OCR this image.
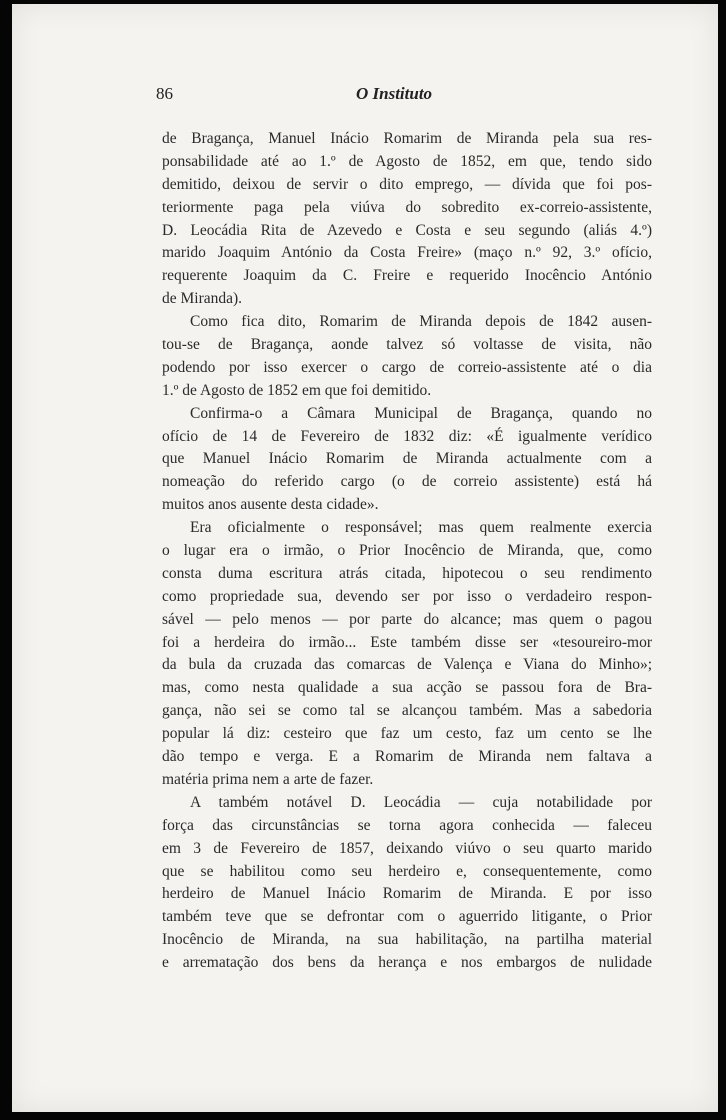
86	O Instituto
de Bragança, Manuel Inácio Romarim de Miranda pela sua res-
ponsabilidade até ao 1.º de Agosto de 1852, em que, tendo sido
demitido, deixou de servir o dito emprego, — dívida que foi pos-
teriormente paga pela viúva do sobredito ex-correio-assistente,
D. Leocádia Rita de Azevedo e Costa e seu segundo (aliás 4.º)
marido Joaquim António da Costa Freire» (maço n.º 92, 3.º ofício,
requerente Joaquim da C. Freire e requerido Inocêncio António
de Miranda).
Como fica dito, Romarim de Miranda depois de 1842 ausen-
tou-se de Bragança, aonde talvez só voltasse de visita, não
podendo por isso exercer o cargo de correio-assistente até o dia
1.º de Agosto de 1852 em que foi demitido.
Confirma-o a Câmara Municipal de Bragança, quando no
ofício de 14 de Fevereiro de 1832 diz: «É igualmente verídico
que Manuel Inácio Romarim de Miranda actualmente com a
nomeação do referido cargo (o de correio assistente) está há
muitos anos ausente desta cidade».
Era oficialmente o responsável; mas quem realmente exercia
o lugar era o irmão, o Prior Inocêncio de Miranda, que, como
consta duma escritura atrás citada, hipotecou o seu rendimento
como propriedade sua, devendo ser por isso o verdadeiro respon-
sável — pelo menos — por parte do alcance; mas quem o pagou
foi a herdeira do irmão... Este também disse ser «tesoureiro-mor
da bula da cruzada das comarcas de Valença e Viana do Minho»;
mas, como nesta qualidade a sua acção se passou fora de Bra-
gança, não sei se como tal se alcançou também. Mas a sabedoria
popular lá diz: cesteiro que faz um cesto, faz um cento se lhe
dão tempo e verga. E a Romarim de Miranda nem faltava a
matéria prima nem a arte de fazer.
A também notável D. Leocádia — cuja notabilidade por
força das circunstâncias se torna agora conhecida — faleceu
em 3 de Fevereiro de 1857, deixando viúvo o seu quarto marido
que se habilitou como seu herdeiro e, consequentemente, como
herdeiro de Manuel Inácio Romarim de Miranda. E por isso
também teve que se defrontar com o aguerrido litigante, o Prior
Inocêncio de Miranda, na sua habilitação, na partilha material
e arrematação dos bens da herança e nos embargos de nulidade
